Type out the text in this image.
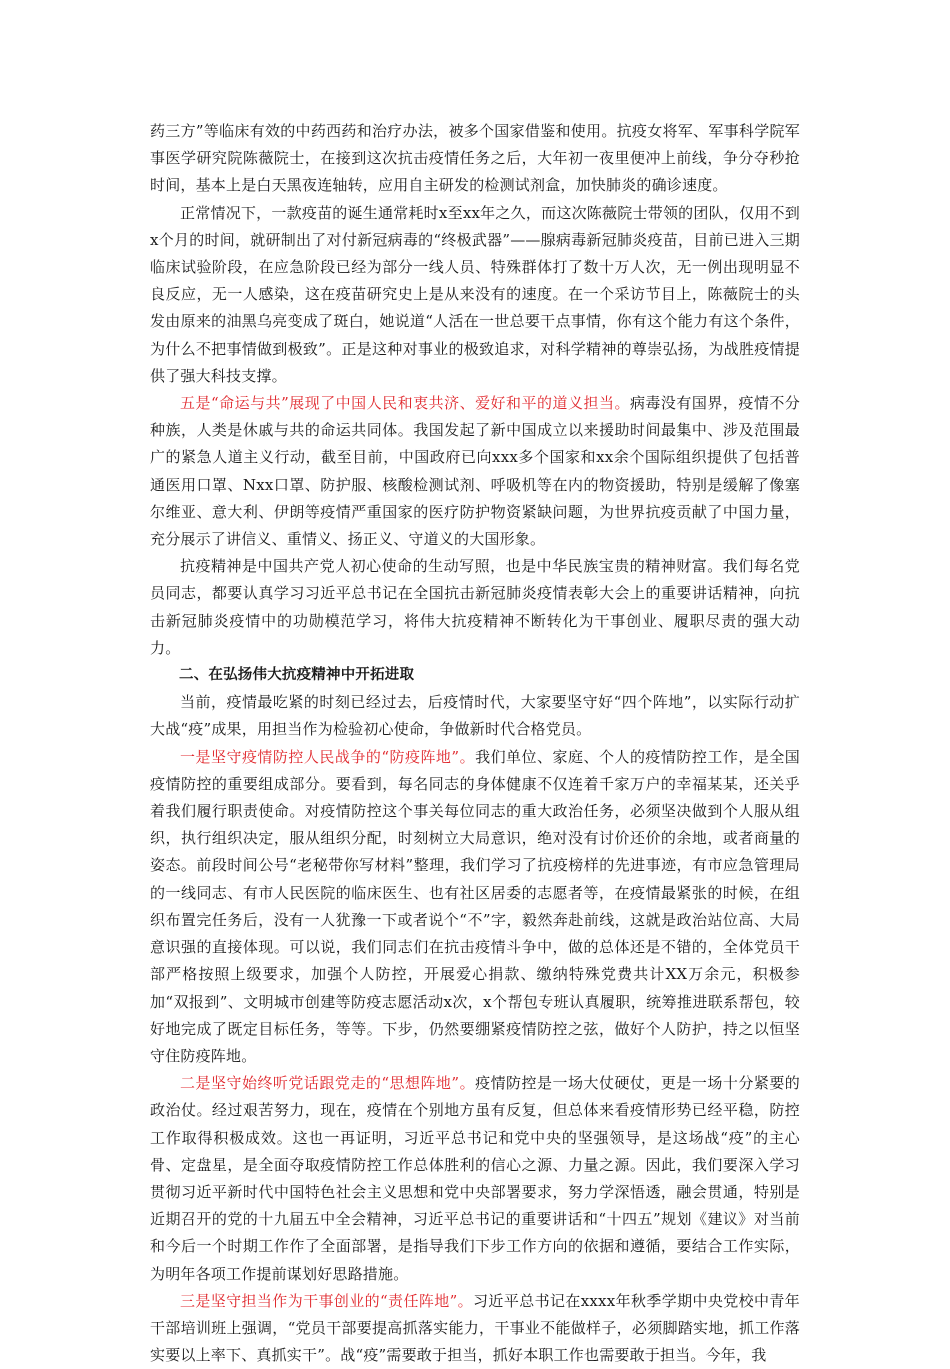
药三方”等临床有效的中药西药和治疗办法，被多个国家借鉴和使用。抗疫女将军、军事科学院军事医学研究院陈薇院士，在接到这次抗击疫情任务之后，大年初一夜里便冲上前线，争分夺秒抢时间，基本上是白天黑夜连轴转，应用自主研发的检测试剂盒，加快肺炎的确诊速度。

正常情况下，一款疫苗的诞生通常耗时x至xx年之久，而这次陈薇院士带领的团队，仅用不到x个月的时间，就研制出了对付新冠病毒的“终极武器”——腺病毒新冠肺炎疫苗，目前已进入三期临床试验阶段，在应急阶段已经为部分一线人员、特殊群体打了数十万人次，无一例出现明显不良反应，无一人感染，这在疫苗研究史上是从来没有的速度。在一个采访节目上，陈薇院士的头发由原来的油黑乌亮变成了斑白，她说道“人活在一世总要干点事情，你有这个能力有这个条件，为什么不把事情做到极致”。正是这种对事业的极致追求，对科学精神的尊崇弘扬，为战胜疫情提供了强大科技支撑。

五是“命运与共”展现了中国人民和衷共济、爱好和平的道义担当。病毒没有国界，疫情不分种族，人类是休戚与共的命运共同体。我国发起了新中国成立以来援助时间最集中、涉及范围最广的紧急人道主义行动，截至目前，中国政府已向xxx多个国家和xx余个国际组织提供了包括普通医用口罩、Nxx口罩、防护服、核酸检测试剂、呼吸机等在内的物资援助，特别是缓解了像塞尔维亚、意大利、伊朗等疫情严重国家的医疗防护物资紧缺问题，为世界抗疫贡献了中国力量，充分展示了讲信义、重情义、扬正义、守道义的大国形象。

抗疫精神是中国共产党人初心使命的生动写照，也是中华民族宝贵的精神财富。我们每名党员同志，都要认真学习习近平总书记在全国抗击新冠肺炎疫情表彰大会上的重要讲话精神，向抗击新冠肺炎疫情中的功勋模范学习，将伟大抗疫精神不断转化为干事创业、履职尽责的强大动力。

二、在弘扬伟大抗疫精神中开拓进取

当前，疫情最吃紧的时刻已经过去，后疫情时代，大家要坚守好“四个阵地”，以实际行动扩大战“疫”成果，用担当作为检验初心使命，争做新时代合格党员。

一是坚守疫情防控人民战争的“防疫阵地”。我们单位、家庭、个人的疫情防控工作，是全国疫情防控的重要组成部分。要看到，每名同志的身体健康不仅连着千家万户的幸福某某，还关乎着我们履行职责使命。对疫情防控这个事关每位同志的重大政治任务，必须坚决做到个人服从组织，执行组织决定，服从组织分配，时刻树立大局意识，绝对没有讨价还价的余地，或者商量的姿态。前段时间公号“老秘带你写材料”整理，我们学习了抗疫榜样的先进事迹，有市应急管理局的一线同志、有市人民医院的临床医生、也有社区居委的志愿者等，在疫情最紧张的时候，在组织布置完任务后，没有一人犹豫一下或者说个“不”字，毅然奔赴前线，这就是政治站位高、大局意识强的直接体现。可以说，我们同志们在抗击疫情斗争中，做的总体还是不错的，全体党员干部严格按照上级要求，加强个人防控，开展爱心捐款、缴纳特殊党费共计XX万余元，积极参加“双报到”、文明城市创建等防疫志愿活动x次，x个帮包专班认真履职，统筹推进联系帮包，较好地完成了既定目标任务，等等。下步，仍然要绷紧疫情防控之弦，做好个人防护，持之以恒坚守住防疫阵地。

二是坚守始终听党话跟党走的“思想阵地”。疫情防控是一场大仗硬仗，更是一场十分紧要的政治仗。经过艰苦努力，现在，疫情在个别地方虽有反复，但总体来看疫情形势已经平稳，防控工作取得积极成效。这也一再证明，习近平总书记和党中央的坚强领导，是这场战“疫”的主心骨、定盘星，是全面夺取疫情防控工作总体胜利的信心之源、力量之源。因此，我们要深入学习贯彻习近平新时代中国特色社会主义思想和党中央部署要求，努力学深悟透，融会贯通，特别是近期召开的党的十九届五中全会精神，习近平总书记的重要讲话和“十四五”规划《建议》对当前和今后一个时期工作作了全面部署，是指导我们下步工作方向的依据和遵循，要结合工作实际，为明年各项工作提前谋划好思路措施。

三是坚守担当作为干事创业的“责任阵地”。习近平总书记在xxxx年秋季学期中央党校中青年干部培训班上强调，“党员干部要提高抓落实能力，干事业不能做样子，必须脚踏实地，抓工作落实要以上率下、真抓实干”。战“疫”需要敢于担当，抓好本职工作也需要敢于担当。今年，我
